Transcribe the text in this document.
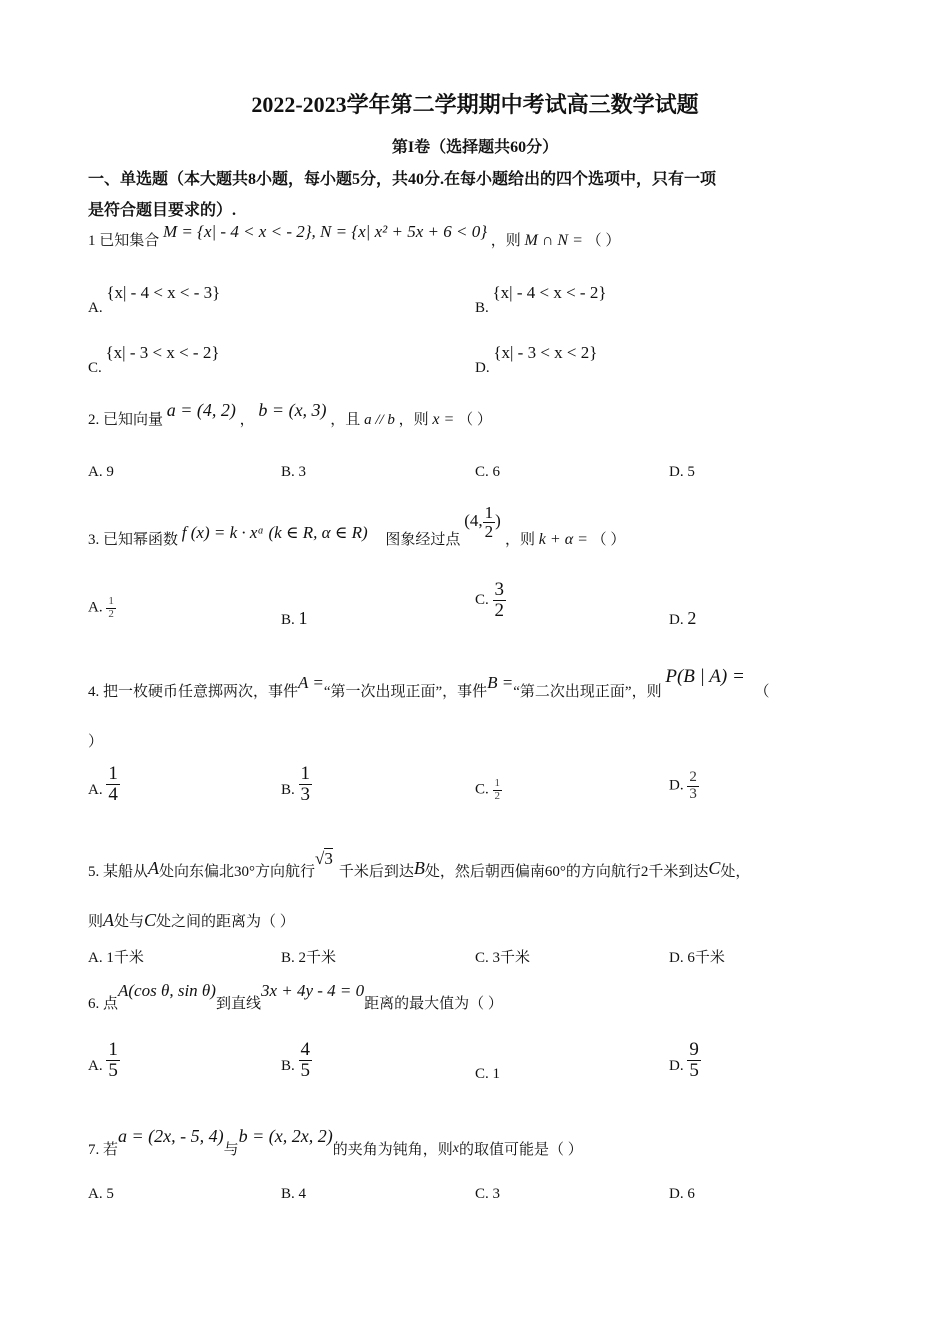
2022-2023学年第二学期期中考试高三数学试题
第I卷（选择题共60分）
一、单选题（本大题共8小题，每小题5分，共40分.在每小题给出的四个选项中，只有一项
是符合题目要求的）.
1 已知集合 M = {x| - 4 < x < - 2}, N = {x| x² + 5x + 6 < 0} ，则 M ∩ N = （ ）
A. {x| - 4 < x < - 3}
B. {x| - 4 < x < - 2}
C. {x| - 3 < x < - 2}
D. {x| - 3 < x < 2}
2. 已知向量 a = (4, 2) ， b = (x, 3) ，且 a // b ，则 x = （ ）
A. 9	B. 3	C. 6	D. 5
3. 已知幂函数 f (x) = k · xᵅ (k ∈ R, α ∈ R) 图象经过点 (4, $\frac{1}{2}$ ) ，则 k + α = （ ）
A. $\frac{1}{2}$	B. 1
C. $\frac{3}{2}$	D. 2
4. 把一枚硬币任意掷两次，事件A =“第一次出现正面”，事件B =“第二次出现正面”，则 P(B | A) = （
）
A. $\frac{1}{4}$	B. $\frac{1}{3}$	C. $\frac{1}{2}$	D. $\frac{2}{3}$
5. 某船从A处向东偏北30°方向航行√3千米后到达B处，然后朝西偏南60°的方向航行2千米到达C处，
则A处与C处之间的距离为（ ）
A. 1千米	B. 2千米	C. 3千米	D. 6千米
6. 点A(cos θ, sin θ)到直线3x + 4y - 4 = 0距离的最大值为（ ）
A. $\frac{1}{5}$	B. $\frac{4}{5}$	C. 1
D. $\frac{9}{5}$
7. 若a = (2x, - 5, 4)与b = (x, 2x, 2)的夹角为钝角，则x的取值可能是（ ）
A. 5	B. 4	C. 3	D. 6
